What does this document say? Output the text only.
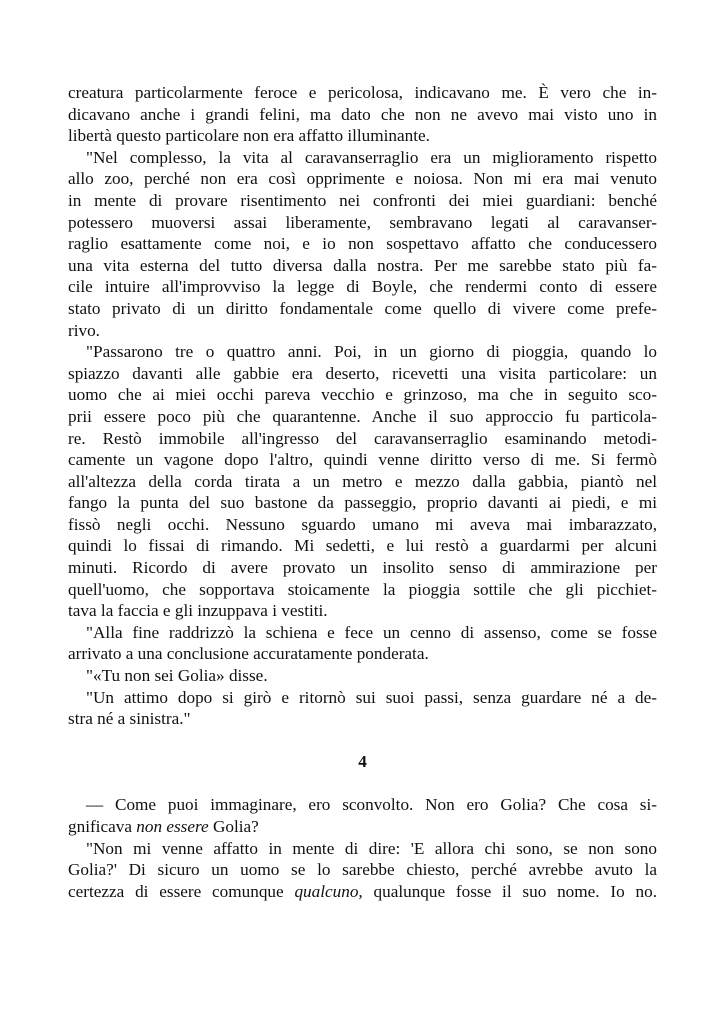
creatura particolarmente feroce e pericolosa, indicavano me. È vero che in-
dicavano anche i grandi felini, ma dato che non ne avevo mai visto uno in
libertà questo particolare non era affatto illuminante.
"Nel complesso, la vita al caravanserraglio era un miglioramento rispetto
allo zoo, perché non era così opprimente e noiosa. Non mi era mai venuto
in mente di provare risentimento nei confronti dei miei guardiani: benché
potessero muoversi assai liberamente, sembravano legati al caravanser-
raglio esattamente come noi, e io non sospettavo affatto che conducessero
una vita esterna del tutto diversa dalla nostra. Per me sarebbe stato più fa-
cile intuire all'improvviso la legge di Boyle, che rendermi conto di essere
stato privato di un diritto fondamentale come quello di vivere come prefe-
rivo.
"Passarono tre o quattro anni. Poi, in un giorno di pioggia, quando lo
spiazzo davanti alle gabbie era deserto, ricevetti una visita particolare: un
uomo che ai miei occhi pareva vecchio e grinzoso, ma che in seguito sco-
prii essere poco più che quarantenne. Anche il suo approccio fu particola-
re. Restò immobile all'ingresso del caravanserraglio esaminando metodi-
camente un vagone dopo l'altro, quindi venne diritto verso di me. Si fermò
all'altezza della corda tirata a un metro e mezzo dalla gabbia, piantò nel
fango la punta del suo bastone da passeggio, proprio davanti ai piedi, e mi
fissò negli occhi. Nessuno sguardo umano mi aveva mai imbarazzato,
quindi lo fissai di rimando. Mi sedetti, e lui restò a guardarmi per alcuni
minuti. Ricordo di avere provato un insolito senso di ammirazione per
quell'uomo, che sopportava stoicamente la pioggia sottile che gli picchiet-
tava la faccia e gli inzuppava i vestiti.
"Alla fine raddrizzò la schiena e fece un cenno di assenso, come se fosse
arrivato a una conclusione accuratamente ponderata.
"«Tu non sei Golia» disse.
"Un attimo dopo si girò e ritornò sui suoi passi, senza guardare né a de-
stra né a sinistra."
4
— Come puoi immaginare, ero sconvolto. Non ero Golia? Che cosa si-
gnificava non essere Golia?
"Non mi venne affatto in mente di dire: 'E allora chi sono, se non sono
Golia?' Di sicuro un uomo se lo sarebbe chiesto, perché avrebbe avuto la
certezza di essere comunque qualcuno, qualunque fosse il suo nome. Io no.
